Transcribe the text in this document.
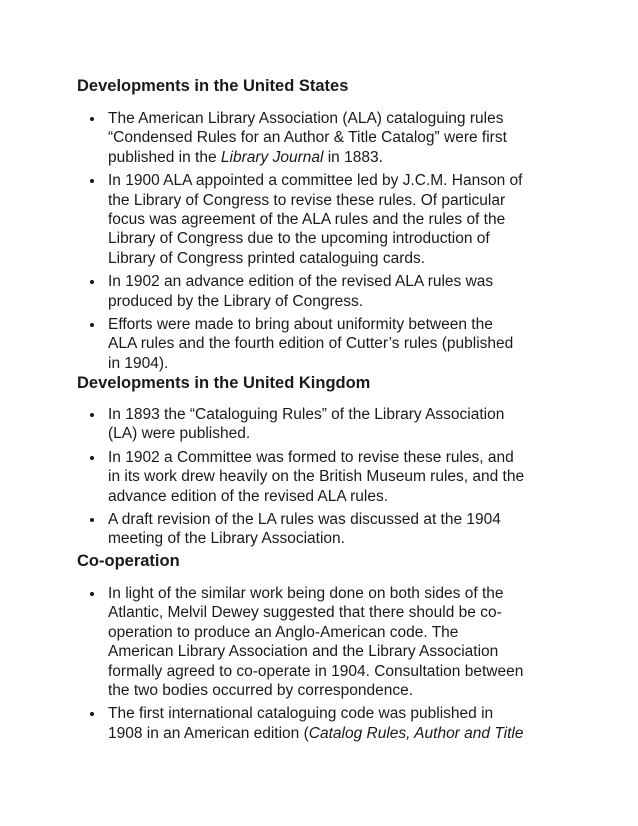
Developments in the United States
The American Library Association (ALA) cataloguing rules
“Condensed Rules for an Author & Title Catalog” were first
published in the Library Journal in 1883.
In 1900 ALA appointed a committee led by J.C.M. Hanson of
the Library of Congress to revise these rules. Of particular
focus was agreement of the ALA rules and the rules of the
Library of Congress due to the upcoming introduction of
Library of Congress printed cataloguing cards.
In 1902 an advance edition of the revised ALA rules was
produced by the Library of Congress.
Efforts were made to bring about uniformity between the
ALA rules and the fourth edition of Cutter’s rules (published
in 1904).
Developments in the United Kingdom
In 1893 the “Cataloguing Rules” of the Library Association
(LA) were published.
In 1902 a Committee was formed to revise these rules, and
in its work drew heavily on the British Museum rules, and the
advance edition of the revised ALA rules.
A draft revision of the LA rules was discussed at the 1904
meeting of the Library Association.
Co-operation
In light of the similar work being done on both sides of the
Atlantic, Melvil Dewey suggested that there should be co-
operation to produce an Anglo-American code. The
American Library Association and the Library Association
formally agreed to co-operate in 1904. Consultation between
the two bodies occurred by correspondence.
The first international cataloguing code was published in
1908 in an American edition (Catalog Rules, Author and Title
